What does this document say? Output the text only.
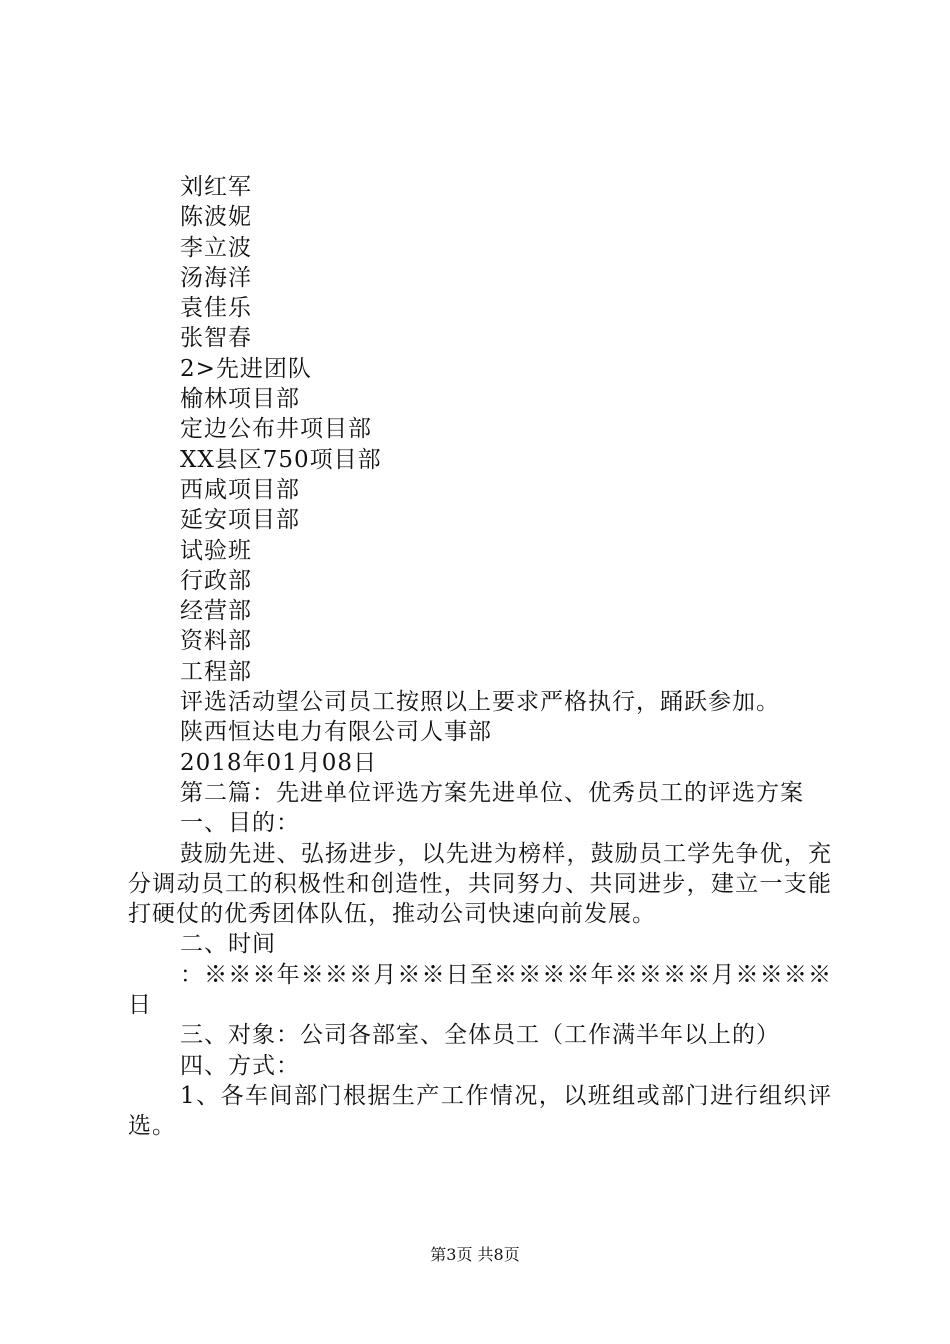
刘红军
陈波妮
李立波
汤海洋
袁佳乐
张智春
2>先进团队
榆林项目部
定边公布井项目部
XX县区750项目部
西咸项目部
延安项目部
试验班
行政部
经营部
资料部
工程部
评选活动望公司员工按照以上要求严格执行，踊跃参加。
陕西恒达电力有限公司人事部
2018年01月08日
第二篇：先进单位评选方案先进单位、优秀员工的评选方案
一、目的：
鼓励先进、弘扬进步，以先进为榜样，鼓励员工学先争优，充分调动员工的积极性和创造性，共同努力、共同进步，建立一支能打硬仗的优秀团体队伍，推动公司快速向前发展。
二、时间
：※※※年※※※月※※日至※※※※年※※※※月※※※※日
三、对象：公司各部室、全体员工（工作满半年以上的）
四、方式：
1、各车间部门根据生产工作情况，以班组或部门进行组织评选。
第3页 共8页
